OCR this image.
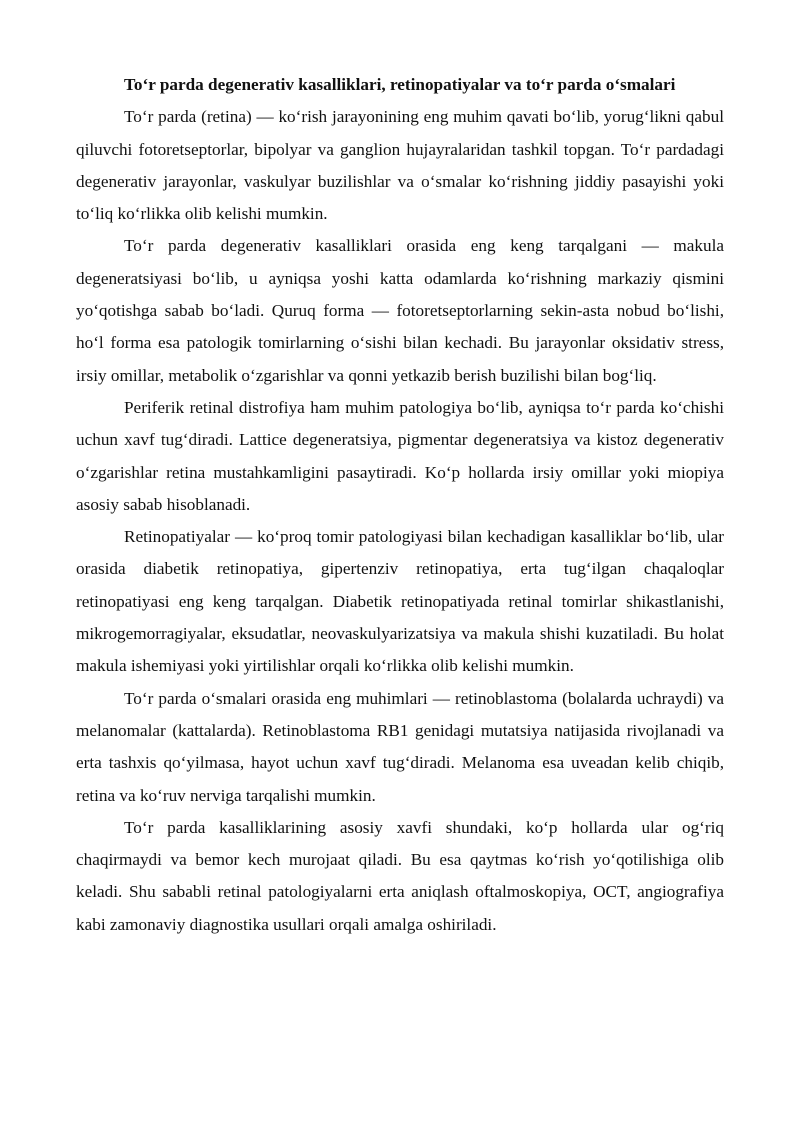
To‘r parda degenerativ kasalliklari, retinopatiyalar va to‘r parda o‘smalari

To‘r parda (retina) — ko‘rish jarayonining eng muhim qavati bo‘lib, yorug‘likni qabul qiluvchi fotoretseptorlar, bipolyar va ganglion hujayralaridan tashkil topgan. To‘r pardadagi degenerativ jarayonlar, vaskulyar buzilishlar va o‘smalar ko‘rishning jiddiy pasayishi yoki to‘liq ko‘rlikka olib kelishi mumkin.

To‘r parda degenerativ kasalliklari orasida eng keng tarqalgani — makula degeneratsiyasi bo‘lib, u ayniqsa yoshi katta odamlarda ko‘rishning markaziy qismini yo‘qotishga sabab bo‘ladi. Quruq forma — fotoretseptorlarning sekin-asta nobud bo‘lishi, ho‘l forma esa patologik tomirlarning o‘sishi bilan kechadi. Bu jarayonlar oksidativ stress, irsiy omillar, metabolik o‘zgarishlar va qonni yetkazib berish buzilishi bilan bog‘liq.

Periferik retinal distrofiya ham muhim patologiya bo‘lib, ayniqsa to‘r parda ko‘chishi uchun xavf tug‘diradi. Lattice degeneratsiya, pigmentar degeneratsiya va kistoz degenerativ o‘zgarishlar retina mustahkamligini pasaytiradi. Ko‘p hollarda irsiy omillar yoki miopiya asosiy sabab hisoblanadi.

Retinopatiyalar — ko‘proq tomir patologiyasi bilan kechadigan kasalliklar bo‘lib, ular orasida diabetik retinopatiya, gipertenziv retinopatiya, erta tug‘ilgan chaqaloqlar retinopatiyasi eng keng tarqalgan. Diabetik retinopatiyada retinal tomirlar shikastlanishi, mikrogemorragiyalar, eksudatlar, neovaskulyarizatsiya va makula shishi kuzatiladi. Bu holat makula ishemiyasi yoki yirtilishlar orqali ko‘rlikka olib kelishi mumkin.

To‘r parda o‘smalari orasida eng muhimlari — retinoblastoma (bolalarda uchraydi) va melanomalar (kattalarda). Retinoblastoma RB1 genidagi mutatsiya natijasida rivojlanadi va erta tashxis qo‘yilmasa, hayot uchun xavf tug‘diradi. Melanoma esa uveadan kelib chiqib, retina va ko‘ruv nerviga tarqalishi mumkin.

To‘r parda kasalliklarining asosiy xavfi shundaki, ko‘p hollarda ular og‘riq chaqirmaydi va bemor kech murojaat qiladi. Bu esa qaytmas ko‘rish yo‘qotilishiga olib keladi. Shu sababli retinal patologiyalarni erta aniqlash oftalmoskopiya, OCT, angiografiya kabi zamonaviy diagnostika usullari orqali amalga oshiriladi.
